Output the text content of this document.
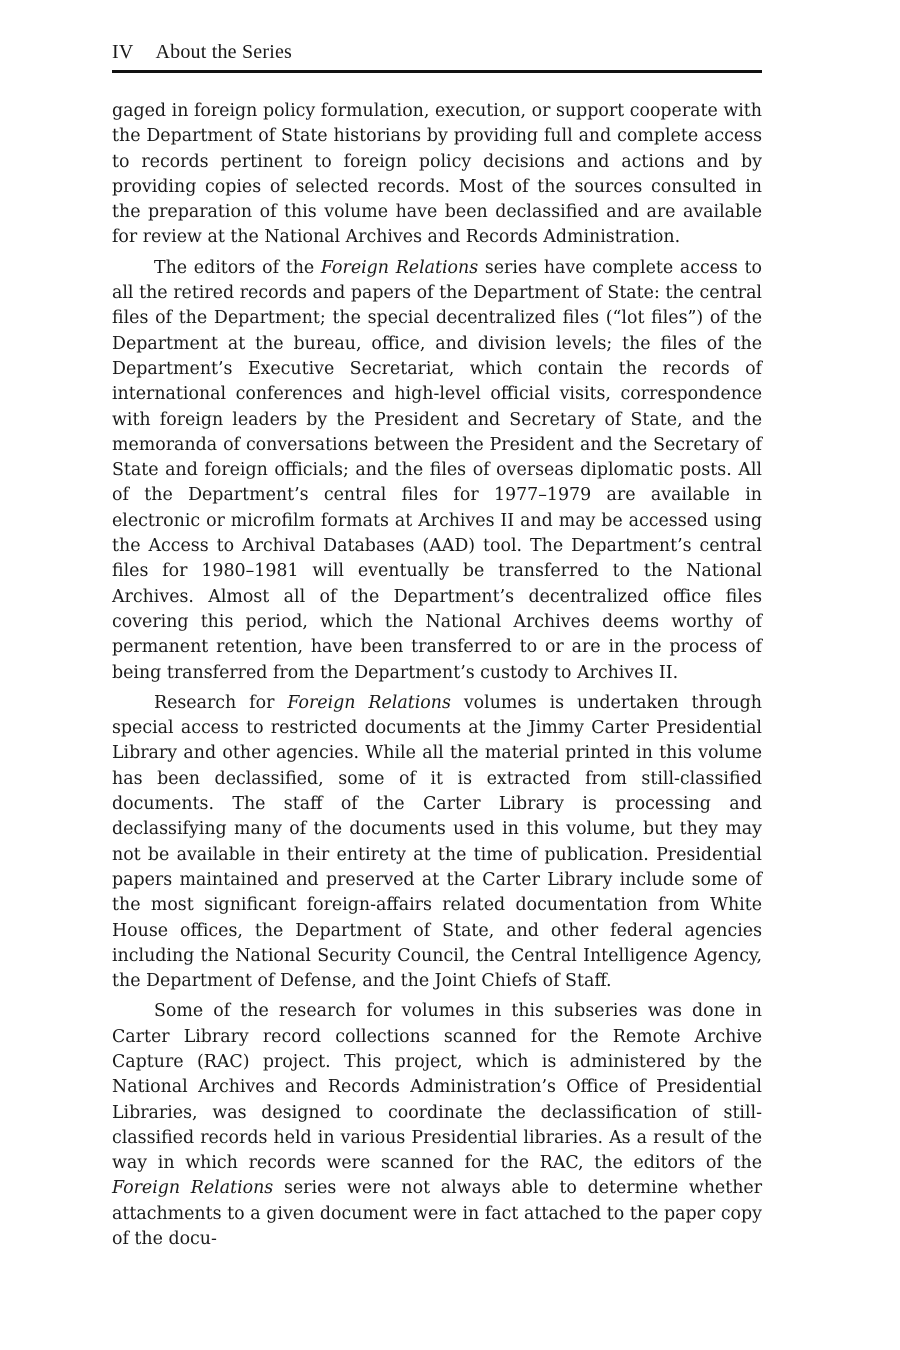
IV About the Series

gaged in foreign policy formulation, execution, or support cooperate with the Department of State historians by providing full and complete access to records pertinent to foreign policy decisions and actions and by providing copies of selected records. Most of the sources consulted in the preparation of this volume have been declassified and are available for review at the National Archives and Records Administration.

The editors of the Foreign Relations series have complete access to all the retired records and papers of the Department of State: the central files of the Department; the special decentralized files (“lot files”) of the Department at the bureau, office, and division levels; the files of the Department’s Executive Secretariat, which contain the records of international conferences and high-level official visits, correspondence with foreign leaders by the President and Secretary of State, and the memoranda of conversations between the President and the Secretary of State and foreign officials; and the files of overseas diplomatic posts. All of the Department’s central files for 1977–1979 are available in electronic or microfilm formats at Archives II and may be accessed using the Access to Archival Databases (AAD) tool. The Department’s central files for 1980–1981 will eventually be transferred to the National Archives. Almost all of the Department’s decentralized office files covering this period, which the National Archives deems worthy of permanent retention, have been transferred to or are in the process of being transferred from the Department’s custody to Archives II.

Research for Foreign Relations volumes is undertaken through special access to restricted documents at the Jimmy Carter Presidential Library and other agencies. While all the material printed in this volume has been declassified, some of it is extracted from still-classified documents. The staff of the Carter Library is processing and declassifying many of the documents used in this volume, but they may not be available in their entirety at the time of publication. Presidential papers maintained and preserved at the Carter Library include some of the most significant foreign-affairs related documentation from White House offices, the Department of State, and other federal agencies including the National Security Council, the Central Intelligence Agency, the Department of Defense, and the Joint Chiefs of Staff.

Some of the research for volumes in this subseries was done in Carter Library record collections scanned for the Remote Archive Capture (RAC) project. This project, which is administered by the National Archives and Records Administration’s Office of Presidential Libraries, was designed to coordinate the declassification of still-classified records held in various Presidential libraries. As a result of the way in which records were scanned for the RAC, the editors of the Foreign Relations series were not always able to determine whether attachments to a given document were in fact attached to the paper copy of the docu-
